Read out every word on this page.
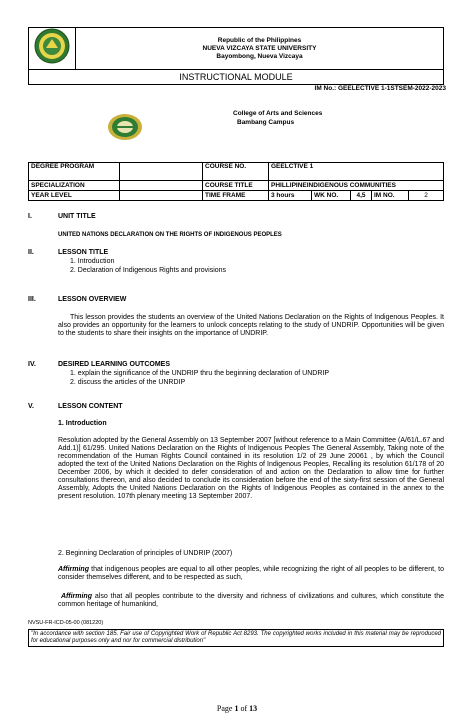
Republic of the Philippines
NUEVA VIZCAYA STATE UNIVERSITY
Bayombong, Nueva Vizcaya

INSTRUCTIONAL MODULE
IM No.: GEELECTIVE 1-1STSEM-2022-2023
College of Arts and Sciences
Bambang Campus
DEGREE PROGRAM		COURSE NO.	GEELCTIVE 1				
SPECIALIZATION		COURSE TITLE	PHILLIPINEINDIGENOUS COMMUNITIES				
YEAR LEVEL		TIME FRAME	3 hours	WK NO.	4,5	IM NO.	2
I.	UNIT TITLE
UNITED NATIONS DECLARATION ON THE RIGHTS OF INDIGENOUS PEOPLES
II.	LESSON TITLE
1. Introduction
2. Declaration of Indigenous Rights and provisions
III.	LESSON OVERVIEW
This lesson provides the students an overview of the United Nations Declaration on the Rights of Indigenous Peoples. It also provides an opportunity for the learners to unlock concepts relating to the study of UNDRIP. Opportunities will be given to the students to share their insights on the importance of UNDRIP.
IV.	DESIRED LEARNING OUTCOMES
1. explain the significance of the UNDRIP thru the beginning declaration of UNDRIP
2. discuss the articles of the UNRDIP
V.	LESSON CONTENT
1. Introduction
Resolution adopted by the General Assembly on 13 September 2007 [without reference to a Main Committee (A/61/L.67 and Add.1)] 61/295. United Nations Declaration on the Rights of Indigenous Peoples The General Assembly, Taking note of the recommendation of the Human Rights Council contained in its resolution 1/2 of 29 June 20061 , by which the Council adopted the text of the United Nations Declaration on the Rights of Indigenous Peoples, Recalling its resolution 61/178 of 20 December 2006, by which it decided to defer consideration of and action on the Declaration to allow time for further consultations thereon, and also decided to conclude its consideration before the end of the sixty-first session of the General Assembly, Adopts the United Nations Declaration on the Rights of Indigenous Peoples as contained in the annex to the present resolution. 107th plenary meeting 13 September 2007.
2. Beginning Declaration of principles of UNDRIP (2007)
Affirming that indigenous peoples are equal to all other peoples, while recognizing the right of all peoples to be different, to consider themselves different, and to be respected as such,
Affirming also that all peoples contribute to the diversity and richness of civilizations and cultures, which constitute the common heritage of humankind,
NVSU-FR-ICD-05-00 (081220)
"In accordance with section 185. Fair use of Copyrighted Work of Republic Act 8293. The copyrighted works included in this material may be reproduced for educational purposes only and nor for commercial distribution"
Page 1 of 13
